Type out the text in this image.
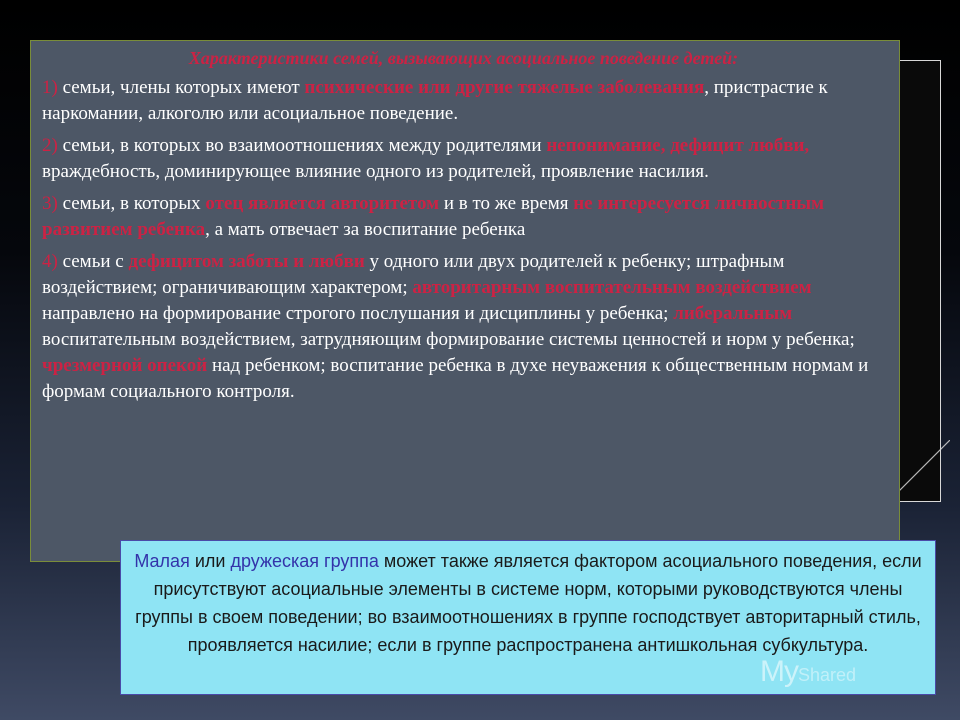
Характеристики семей, вызывающих асоциальное поведение детей:

1) семьи, члены которых имеют психические или другие тяжелые заболевания, пристрастие к наркомании, алкоголю или асоциальное поведение.

2) семьи, в которых во взаимоотношениях между родителями непонимание, дефицит любви, враждебность, доминирующее влияние одного из родителей, проявление насилия.

3) семьи, в которых отец является авторитетом и в то же время не интересуется личностным развитием ребенка, а мать отвечает за воспитание ребенка

4) семьи с дефицитом заботы и любви у одного или двух родителей к ребенку; штрафным воздействием; ограничивающим характером; авторитарным воспитательным воздействием направлено на формирование строгого послушания и дисциплины у ребенка; либеральным воспитательным воздействием, затрудняющим формирование системы ценностей и норм у ребенка; чрезмерной опекой над ребенком; воспитание ребенка в духе неуважения к общественным нормам и формам социального контроля.

Малая или дружеская группа может также является фактором асоциального поведения, если присутствуют асоциальные элементы в системе норм, которыми руководствуются члены группы в своем поведении; во взаимоотношениях в группе господствует авторитарный стиль, проявляется насилие; если в группе распространена антишкольная субкультура.
MyShared
